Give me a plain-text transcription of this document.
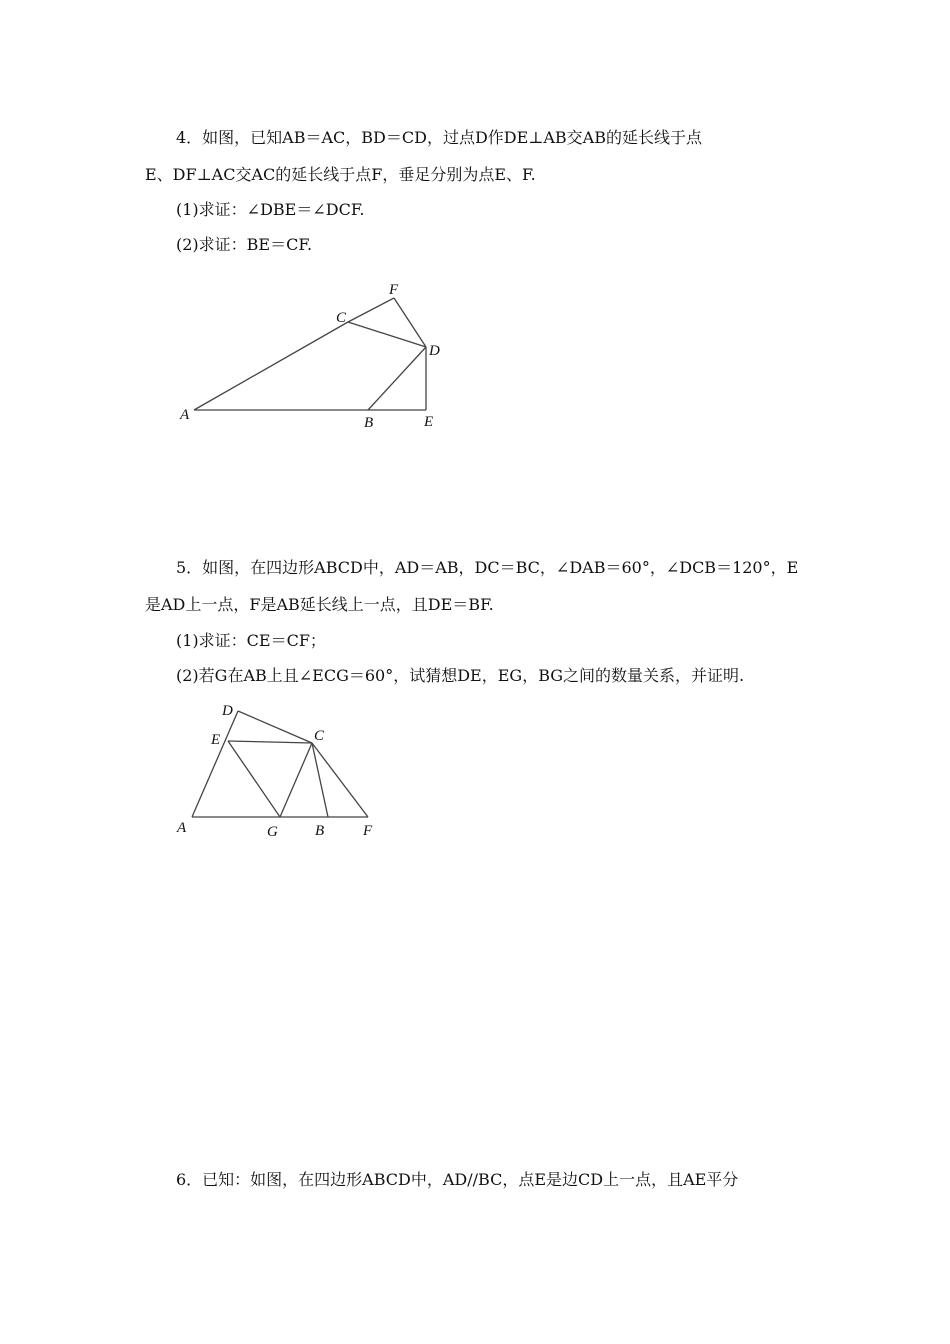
4．如图，已知AB＝AC，BD＝CD，过点D作DE⊥AB交AB的延长线于点
E、DF⊥AC交AC的延长线于点F，垂足分别为点E、F.
(1)求证：∠DBE＝∠DCF.
(2)求证：BE＝CF.
A	B	E
D
C
F
5．如图，在四边形ABCD中，AD＝AB，DC＝BC，∠DAB＝60°，∠DCB＝120°，E
是AD上一点，F是AB延长线上一点，且DE＝BF.
(1)求证：CE＝CF；
(2)若G在AB上且∠ECG＝60°，试猜想DE，EG，BG之间的数量关系，并证明.
D
E	C
A	G B	F
6．已知：如图，在四边形ABCD中，AD//BC，点E是边CD上一点，且AE平分
